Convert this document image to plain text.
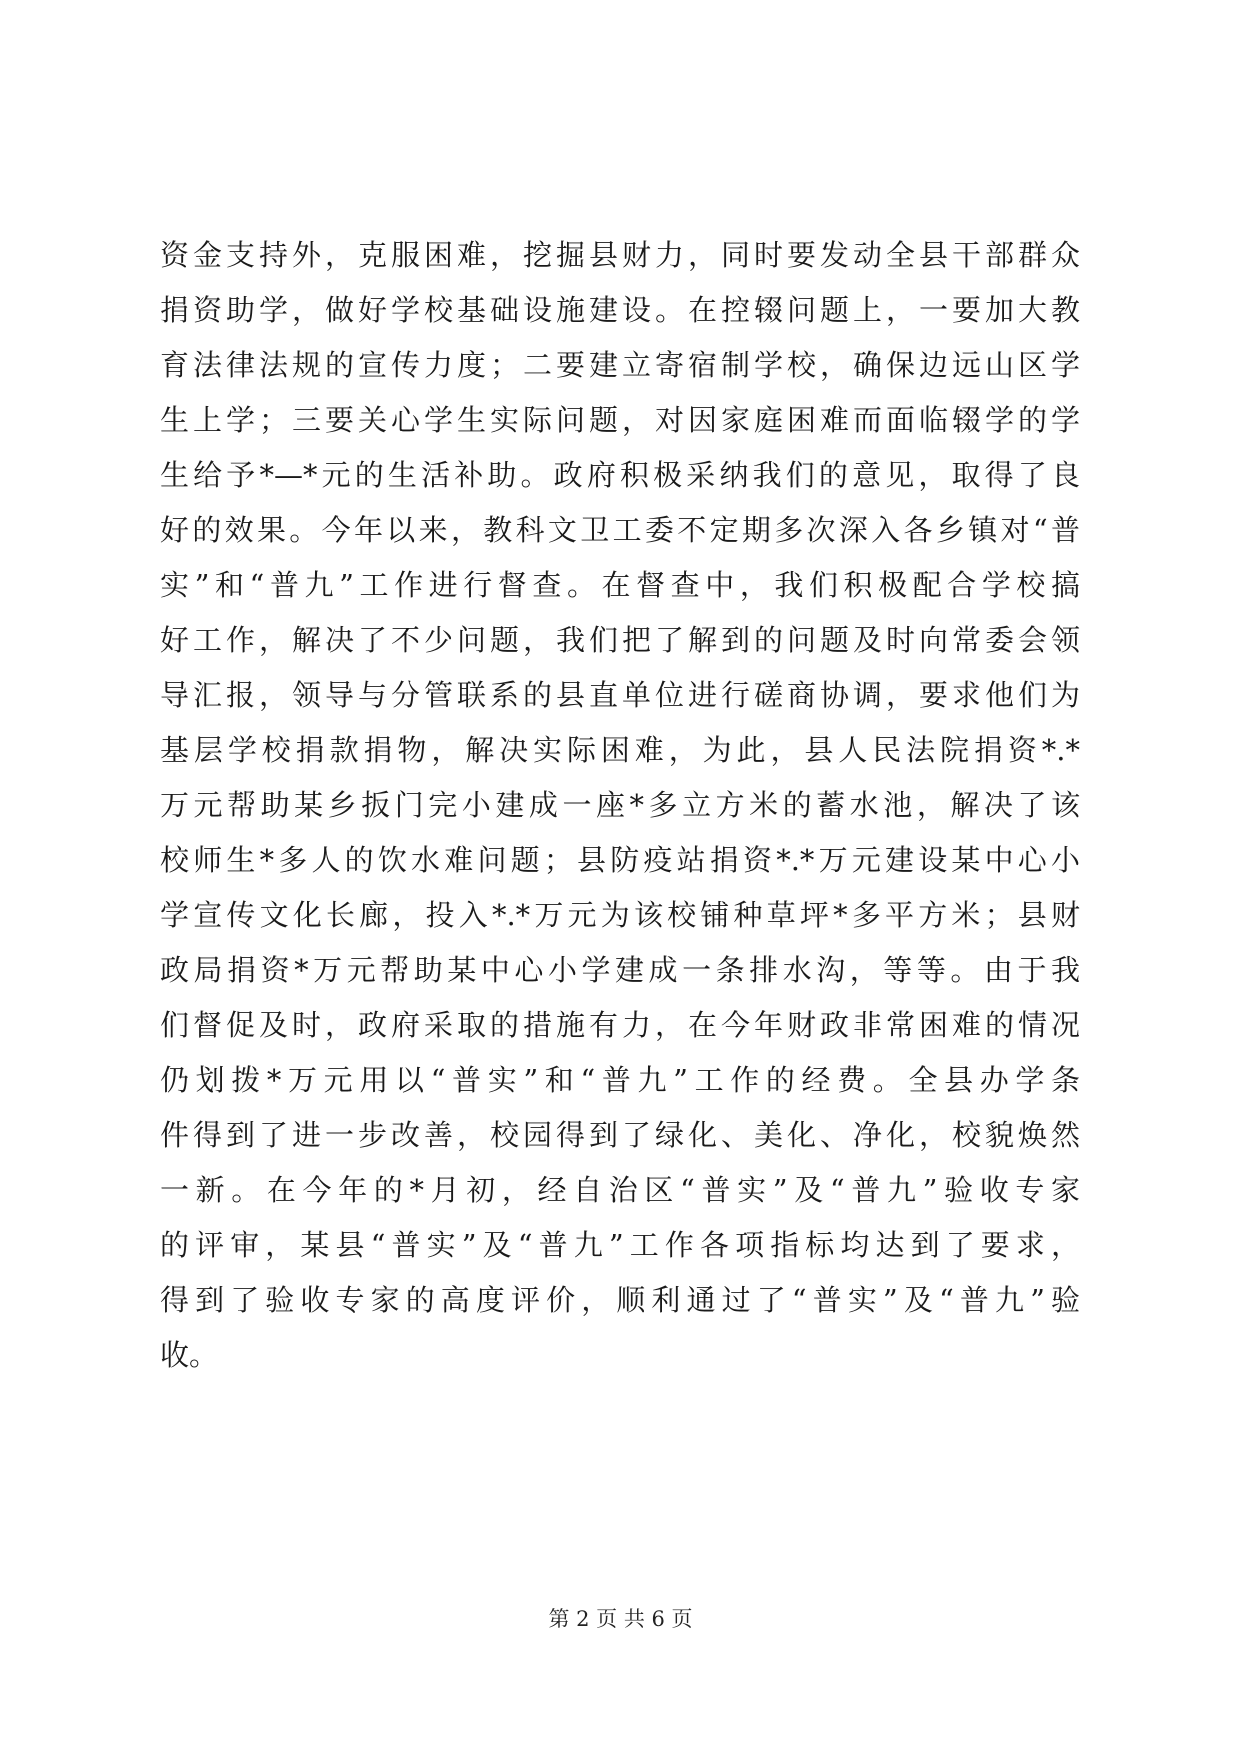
资金支持外，克服困难，挖掘县财力，同时要发动全县干部群众
捐资助学，做好学校基础设施建设。在控辍问题上，一要加大教
育法律法规的宣传力度；二要建立寄宿制学校，确保边远山区学
生上学；三要关心学生实际问题，对因家庭困难而面临辍学的学
生给予*—*元的生活补助。政府积极采纳我们的意见，取得了良
好的效果。今年以来，教科文卫工委不定期多次深入各乡镇对“普
实”和“普九”工作进行督查。在督查中，我们积极配合学校搞
好工作，解决了不少问题，我们把了解到的问题及时向常委会领
导汇报，领导与分管联系的县直单位进行磋商协调，要求他们为
基层学校捐款捐物，解决实际困难，为此，县人民法院捐资*.*
万元帮助某乡扳门完小建成一座*多立方米的蓄水池，解决了该
校师生*多人的饮水难问题；县防疫站捐资*.*万元建设某中心小
学宣传文化长廊，投入*.*万元为该校铺种草坪*多平方米；县财
政局捐资*万元帮助某中心小学建成一条排水沟，等等。由于我
们督促及时，政府采取的措施有力，在今年财政非常困难的情况
仍划拨*万元用以“普实”和“普九”工作的经费。全县办学条
件得到了进一步改善，校园得到了绿化、美化、净化，校貌焕然
一新。在今年的*月初，经自治区“普实”及“普九”验收专家
的评审，某县“普实”及“普九”工作各项指标均达到了要求，
得到了验收专家的高度评价，顺利通过了“普实”及“普九”验
收。
第 2 页 共 6 页
